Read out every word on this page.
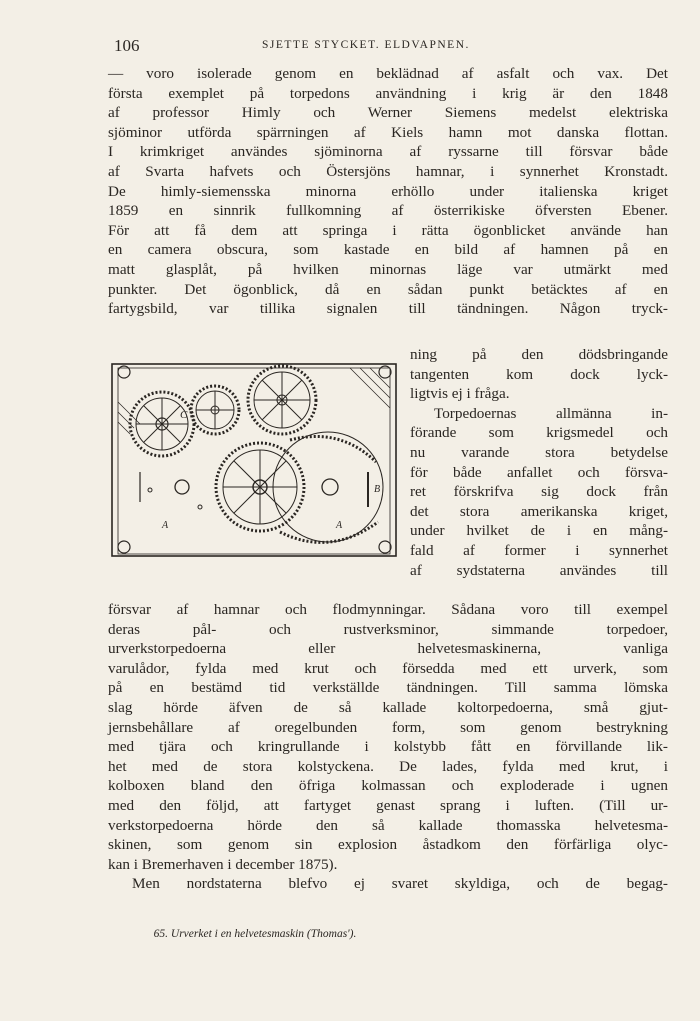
106	SJETTE STYCKET. ELDVAPNEN.
— voro isolerade genom en beklädnad af asfalt och vax. Det
första exemplet på torpedons användning i krig är den 1848
af professor Himly och Werner Siemens medelst elektriska
sjöminor utförda spärrningen af Kiels hamn mot danska flottan.
I krimkriget användes sjöminorna af ryssarne till försvar både
af Svarta hafvets och Östersjöns hamnar, i synnerhet Kronstadt.
De himly-siemensska minorna erhöllo under italienska kriget
1859 en sinnrik fullkomning af österrikiske öfversten Ebener.
För att få dem att springa i rätta ögonblicket använde han
en camera obscura, som kastade en bild af hamnen på en
matt glasplåt, på hvilken minornas läge var utmärkt med
punkter. Det ögonblick, då en sådan punkt betäcktes af en
fartygsbild, var tillika signalen till tändningen. Någon tryck-
C
A	A
B
65. Urverket i en helvetesmaskin (Thomas').
ning på den dödsbringande
tangenten kom dock lyck-
ligtvis ej i fråga.
Torpedoernas allmänna in-
förande som krigsmedel och
nu varande stora betydelse
för både anfallet och försva-
ret förskrifva sig dock från
det stora amerikanska kriget,
under hvilket de i en mång-
fald af former i synnerhet
af sydstaterna användes till
försvar af hamnar och flodmynningar. Sådana voro till exempel
deras pål- och rustverksminor, simmande torpedoer,
urverkstorpedoerna eller helvetesmaskinerna, vanliga
varulådor, fylda med krut och försedda med ett urverk, som
på en bestämd tid verkställde tändningen. Till samma lömska
slag hörde äfven de så kallade koltorpedoerna, små gjut-
jernsbehållare af oregelbunden form, som genom bestrykning
med tjära och kringrullande i kolstybb fått en förvillande lik-
het med de stora kolstyckena. De lades, fylda med krut, i
kolboxen bland den öfriga kolmassan och exploderade i ugnen
med den följd, att fartyget genast sprang i luften. (Till ur-
verkstorpedoerna hörde den så kallade thomasska helvetesma-
skinen, som genom sin explosion åstadkom den förfärliga olyc-
kan i Bremerhaven i december 1875).
Men nordstaterna blefvo ej svaret skyldiga, och de begag-
